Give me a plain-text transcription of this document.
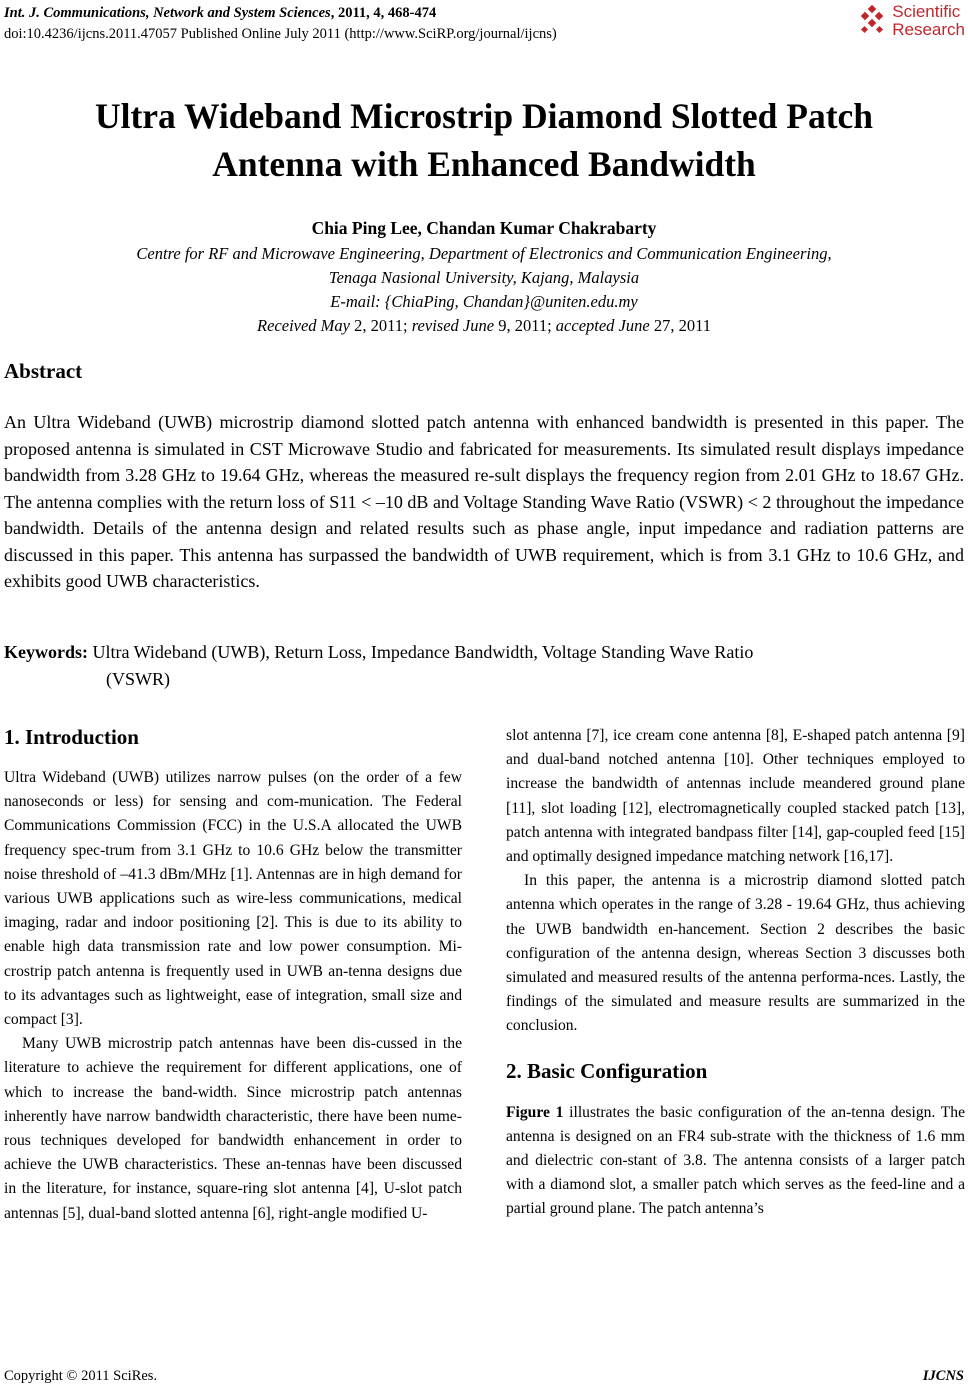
Int. J. Communications, Network and System Sciences, 2011, 4, 468-474
doi:10.4236/ijcns.2011.47057 Published Online July 2011 (http://www.SciRP.org/journal/ijcns)
Scientific
Research
Ultra Wideband Microstrip Diamond Slotted Patch
Antenna with Enhanced Bandwidth
Chia Ping Lee, Chandan Kumar Chakrabarty
Centre for RF and Microwave Engineering, Department of Electronics and Communication Engineering,
Tenaga Nasional University, Kajang, Malaysia
E-mail: {ChiaPing, Chandan}@uniten.edu.my
Received May 2, 2011; revised June 9, 2011; accepted June 27, 2011
Abstract
An Ultra Wideband (UWB) microstrip diamond slotted patch antenna with enhanced bandwidth is presented in this paper. The proposed antenna is simulated in CST Microwave Studio and fabricated for measurements. Its simulated result displays impedance bandwidth from 3.28 GHz to 19.64 GHz, whereas the measured re-sult displays the frequency region from 2.01 GHz to 18.67 GHz. The antenna complies with the return loss of S11 < –10 dB and Voltage Standing Wave Ratio (VSWR) < 2 throughout the impedance bandwidth. Details of the antenna design and related results such as phase angle, input impedance and radiation patterns are discussed in this paper. This antenna has surpassed the bandwidth of UWB requirement, which is from 3.1 GHz to 10.6 GHz, and exhibits good UWB characteristics.
Keywords: Ultra Wideband (UWB), Return Loss, Impedance Bandwidth, Voltage Standing Wave Ratio
(VSWR)
1. Introduction

Ultra Wideband (UWB) utilizes narrow pulses (on the order of a few nanoseconds or less) for sensing and com-munication. The Federal Communications Commission (FCC) in the U.S.A allocated the UWB frequency spec-trum from 3.1 GHz to 10.6 GHz below the transmitter noise threshold of –41.3 dBm/MHz [1]. Antennas are in high demand for various UWB applications such as wire-less communications, medical imaging, radar and indoor positioning [2]. This is due to its ability to enable high data transmission rate and low power consumption. Mi-crostrip patch antenna is frequently used in UWB an-tenna designs due to its advantages such as lightweight, ease of integration, small size and compact [3].

Many UWB microstrip patch antennas have been dis-cussed in the literature to achieve the requirement for different applications, one of which to increase the band-width. Since microstrip patch antennas inherently have narrow bandwidth characteristic, there have been nume-rous techniques developed for bandwidth enhancement in order to achieve the UWB characteristics. These an-tennas have been discussed in the literature, for instance, square-ring slot antenna [4], U-slot patch antennas [5], dual-band slotted antenna [6], right-angle modified U-

slot antenna [7], ice cream cone antenna [8], E-shaped patch antenna [9] and dual-band notched antenna [10]. Other techniques employed to increase the bandwidth of antennas include meandered ground plane [11], slot loading [12], electromagnetically coupled stacked patch [13], patch antenna with integrated bandpass filter [14], gap-coupled feed [15] and optimally designed impedance matching network [16,17].

In this paper, the antenna is a microstrip diamond slotted patch antenna which operates in the range of 3.28 - 19.64 GHz, thus achieving the UWB bandwidth en-hancement. Section 2 describes the basic configuration of the antenna design, whereas Section 3 discusses both simulated and measured results of the antenna performa-nces. Lastly, the findings of the simulated and measure results are summarized in the conclusion.

2. Basic Configuration

Figure 1 illustrates the basic configuration of the an-tenna design. The antenna is designed on an FR4 sub-strate with the thickness of 1.6 mm and dielectric con-stant of 3.8. The antenna consists of a larger patch with a diamond slot, a smaller patch which serves as the feed-line and a partial ground plane. The patch antenna’s

Copyright © 2011 SciRes.	IJCNS
